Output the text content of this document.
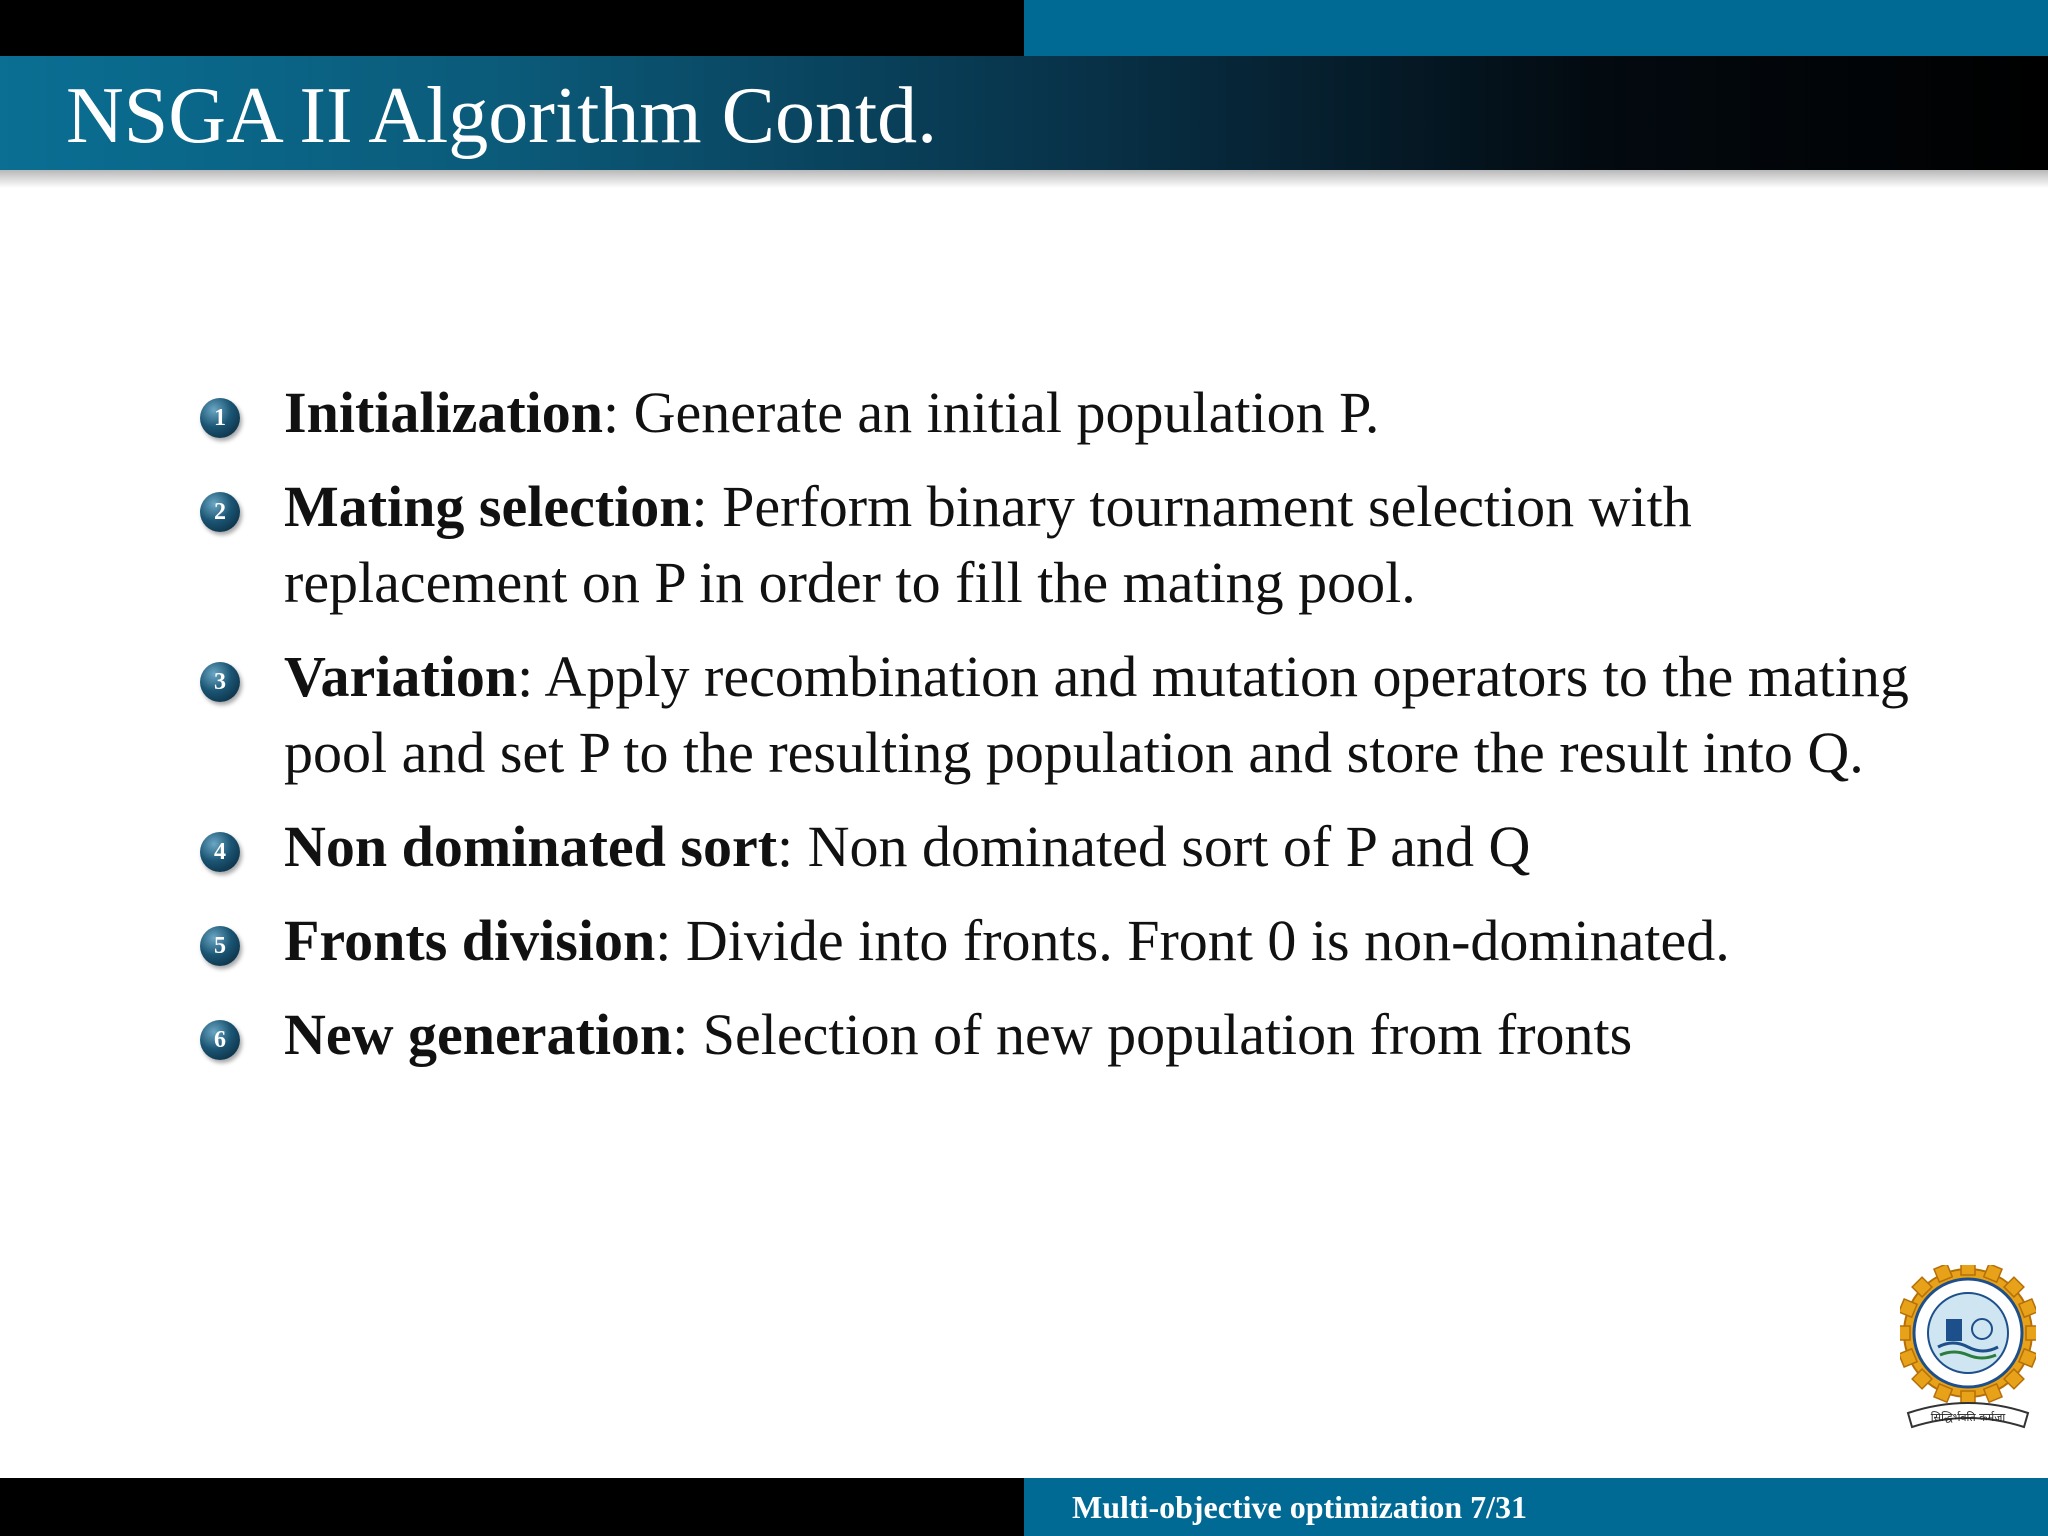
NSGA II Algorithm Contd.
1 Initialization: Generate an initial population P.
2 Mating selection: Perform binary tournament selection with replacement on P in order to fill the mating pool.
3 Variation: Apply recombination and mutation operators to the mating pool and set P to the resulting population and store the result into Q.
4 Non dominated sort: Non dominated sort of P and Q
5 Fronts division: Divide into fronts. Front 0 is non-dominated.
6 New generation: Selection of new population from fronts
सिद्धिर्भवति कर्मजा
Multi-objective optimization 7/31
